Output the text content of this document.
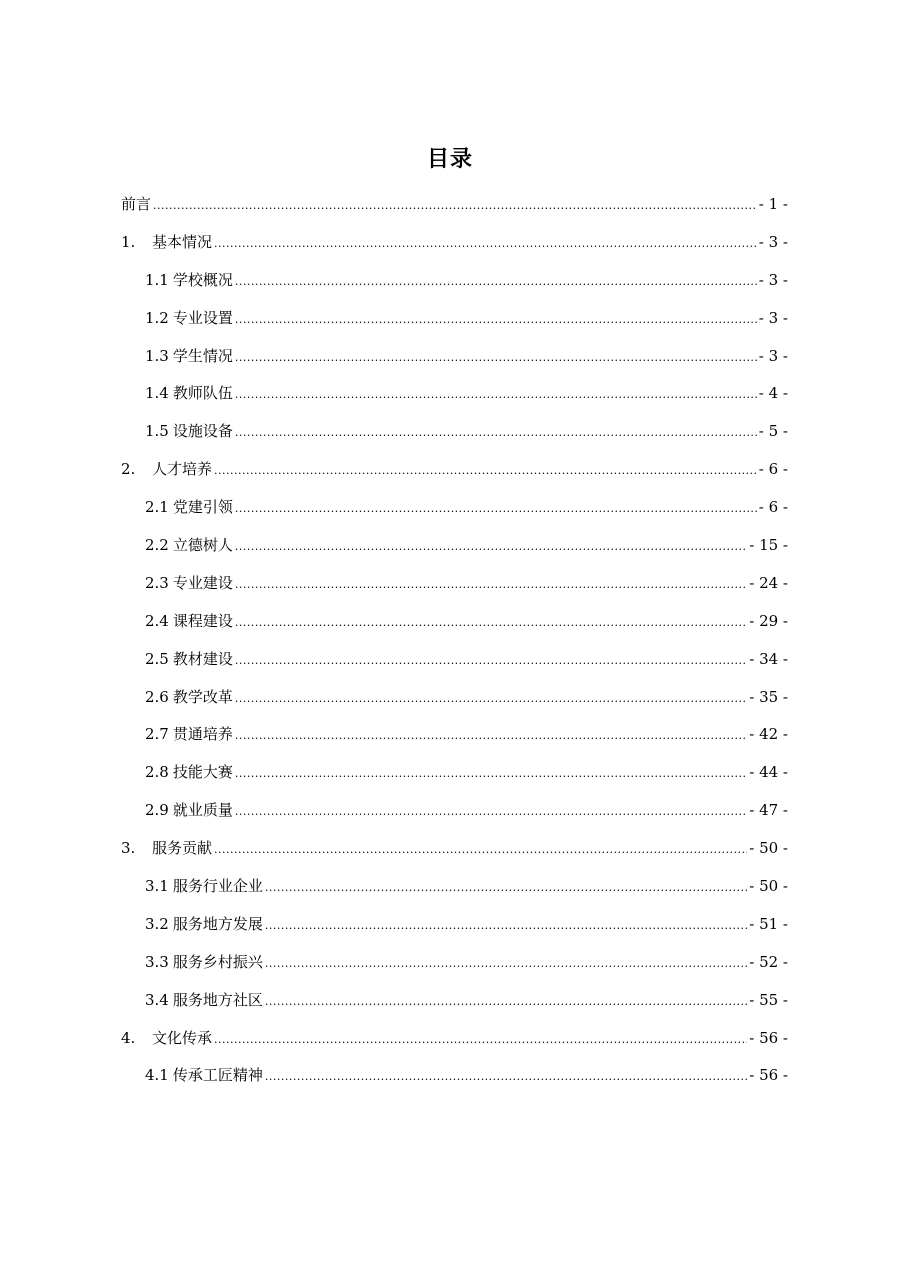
目录
前言 .....	- 1 -
1.	基本情况 .....	- 3 -
1.1 学校概况 .....	- 3 -
1.2 专业设置 .....	- 3 -
1.3 学生情况 .....	- 3 -
1.4 教师队伍 .....	- 4 -
1.5 设施设备 .....	- 5 -
2.	人才培养 .....	- 6 -
2.1 党建引领 .....	- 6 -
2.2 立德树人 .....	- 15 -
2.3 专业建设 .....	- 24 -
2.4 课程建设 .....	- 29 -
2.5 教材建设 .....	- 34 -
2.6 教学改革 .....	- 35 -
2.7 贯通培养 .....	- 42 -
2.8 技能大赛 .....	- 44 -
2.9 就业质量 .....	- 47 -
3.	服务贡献 .....	- 50 -
3.1 服务行业企业 .....	- 50 -
3.2 服务地方发展 .....	- 51 -
3.3 服务乡村振兴 .....	- 52 -
3.4 服务地方社区 .....	- 55 -
4.	文化传承 .....	- 56 -
4.1 传承工匠精神 .....	- 56 -
